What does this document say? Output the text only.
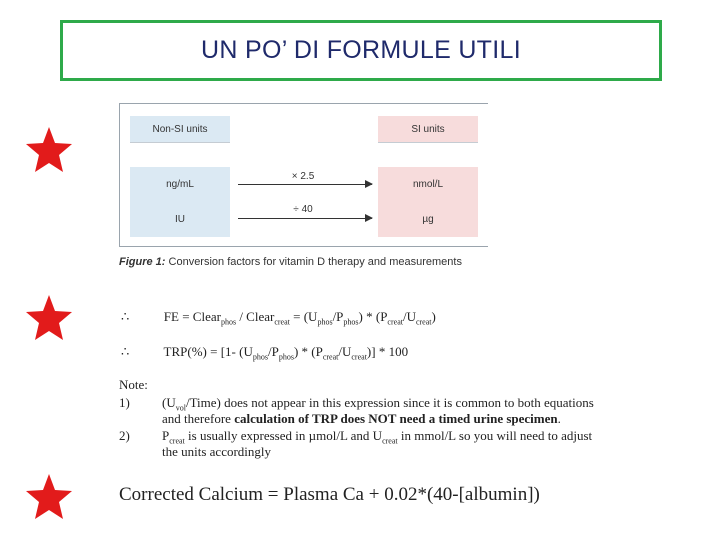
UN PO’ DI FORMULE UTILI
Non-SI units	SI units
ng/mL
IU
nmol/L
µg
× 2.5
÷ 40
Figure 1: Conversion factors for vitamin D therapy and measurements
∴	FE = Clear$_{phos}$ / Clear$_{creat}$ = $(U_{phos}/P_{phos}) * (P_{creat}/U_{creat})$
∴	TRP(%) = [1- $(U_{phos}/P_{phos}) * (P_{creat}/U_{creat})] * 100$
Note:
1) $(U_{vol}/Time)$ does not appear in this expression since it is common to both equations
and therefore calculation of TRP does NOT need a timed urine specimen.
2) $P_{creat}$ is usually expressed in µmol/L and $U_{creat}$ in mmol/L so you will need to adjust
the units accordingly
Corrected Calcium = Plasma Ca + 0.02*(40-[albumin])
